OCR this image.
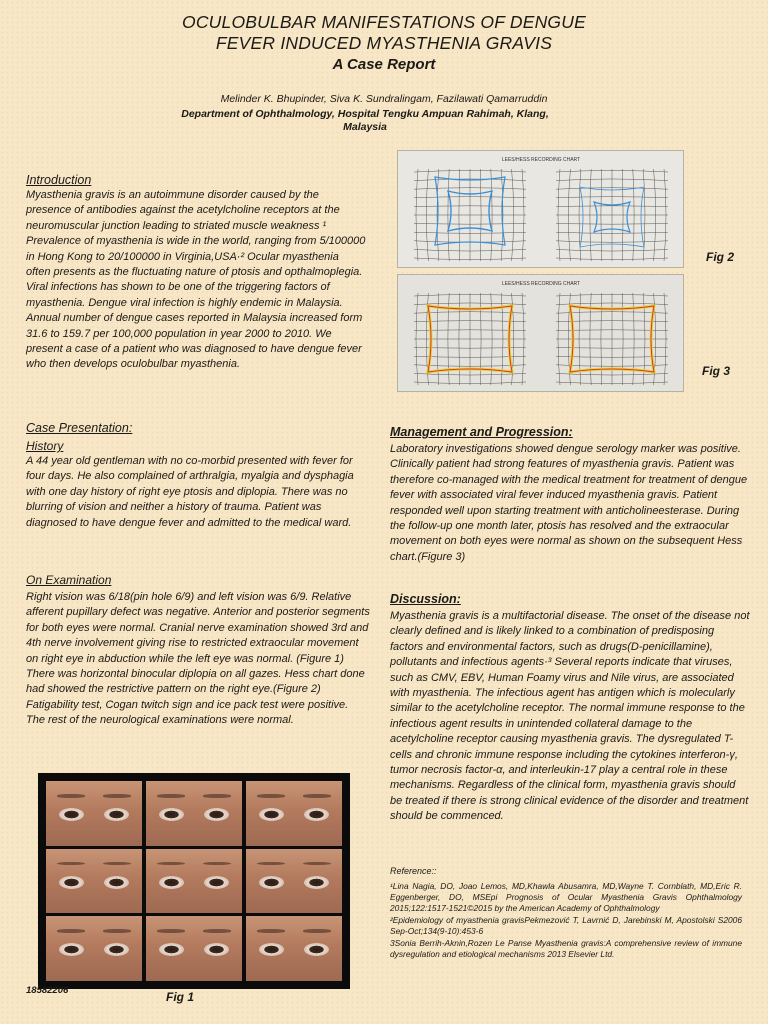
OCULOBULBAR MANIFESTATIONS OF DENGUE
FEVER INDUCED MYASTHENIA GRAVIS
A Case Report
Melinder K. Bhupinder, Siva K. Sundralingam, Fazilawati Qamarruddin
Department of Ophthalmology, Hospital Tengku Ampuan Rahimah, Klang, Malaysia
Introduction
Myasthenia gravis is an autoimmune disorder caused by the presence of antibodies against the acetylcholine receptors at the neuromuscular junction leading to striated muscle weakness ¹ Prevalence of myasthenia is wide in the world, ranging from 5/100000 in Hong Kong to 20/100000 in Virginia,USA·² Ocular myasthenia often presents as the fluctuating nature of ptosis and opthalmoplegia. Viral infections has shown to be one of the triggering factors of myasthenia. Dengue viral infection is highly endemic in Malaysia. Annual number of dengue cases reported in Malaysia increased form 31.6 to 159.7 per 100,000 population in year 2000 to 2010. We present a case of a patient who was diagnosed to have dengue fever who then develops oculobulbar myasthenia.
Case Presentation:
History
A 44 year old gentleman with no co-morbid presented with fever for four days. He also complained of arthralgia, myalgia and dysphagia with one day history of right eye ptosis and diplopia. There was no blurring of vision and neither a history of trauma. Patient was diagnosed to have dengue fever and admitted to the medical ward.
On Examination
Right vision was 6/18(pin hole 6/9) and left vision was 6/9. Relative afferent pupillary defect was negative. Anterior and posterior segments for both eyes were normal. Cranial nerve examination showed 3rd and 4th nerve involvement giving rise to restricted extraocular movement on right eye in abduction while the left eye was normal. (Figure 1) There was horizontal binocular diplopia on all gazes. Hess chart done had showed the restrictive pattern on the right eye.(Figure 2) Fatigability test, Cogan twitch sign and ice pack test were positive. The rest of the neurological examinations were normal.
LEES/HESS RECORDING CHART
Fig 2
LEES/HESS RECORDING CHART
Fig 3
Management and Progression:
Laboratory investigations showed dengue serology marker was positive. Clinically patient had strong features of myasthenia gravis. Patient was therefore co-managed with the medical treatment for treatment of dengue fever with associated viral fever induced myasthenia gravis. Patient responded well upon starting treatment with anticholineesterase. During the follow-up one month later, ptosis has resolved and the extraocular movement on both eyes were normal as shown on the subsequent Hess chart.(Figure 3)
Discussion:
Myasthenia gravis is a multifactorial disease. The onset of the disease not clearly defined and is likely linked to a combination of predisposing factors and environmental factors, such as drugs(D-penicillamine), pollutants and infectious agents·³ Several reports indicate that viruses, such as CMV, EBV, Human Foamy virus and Nile virus, are associated with myasthenia. The infectious agent has antigen which is molecularly similar to the acetylcholine receptor. The normal immune response to the infectious agent results in unintended collateral damage to the acetylcholine receptor causing myasthenia gravis. The dysregulated T-cells and chronic immune response including the cytokines interferon-γ, tumor necrosis factor-α, and interleukin-17 play a central role in these mechanisms. Regardless of the clinical form, myasthenia gravis should be treated if there is strong clinical evidence of the disorder and treatment should be commenced.
Reference::
¹Lina Nagia, DO, Joao Lemos, MD,Khawla Abusamra, MD,Wayne T. Cornblath, MD,Eric R. Eggenberger, DO, MSEpi Prognosis of Ocular Myasthenia Gravis Ophthalmology 2015;122:1517-1521©2015 by the American Academy of Ophthalmology
²Epidemiology of myasthenia gravisPekmezović T, Lavrnić D, Jarebinski M, Apostolski S2006 Sep-Oct;134(9-10):453-6
3Sonia Berrih-Aknin,Rozen Le Panse Myasthenia gravis:A comprehensive review of immune dysregulation and etiological mechanisms 2013 Elsevier Ltd.
Fig 1
18582206
